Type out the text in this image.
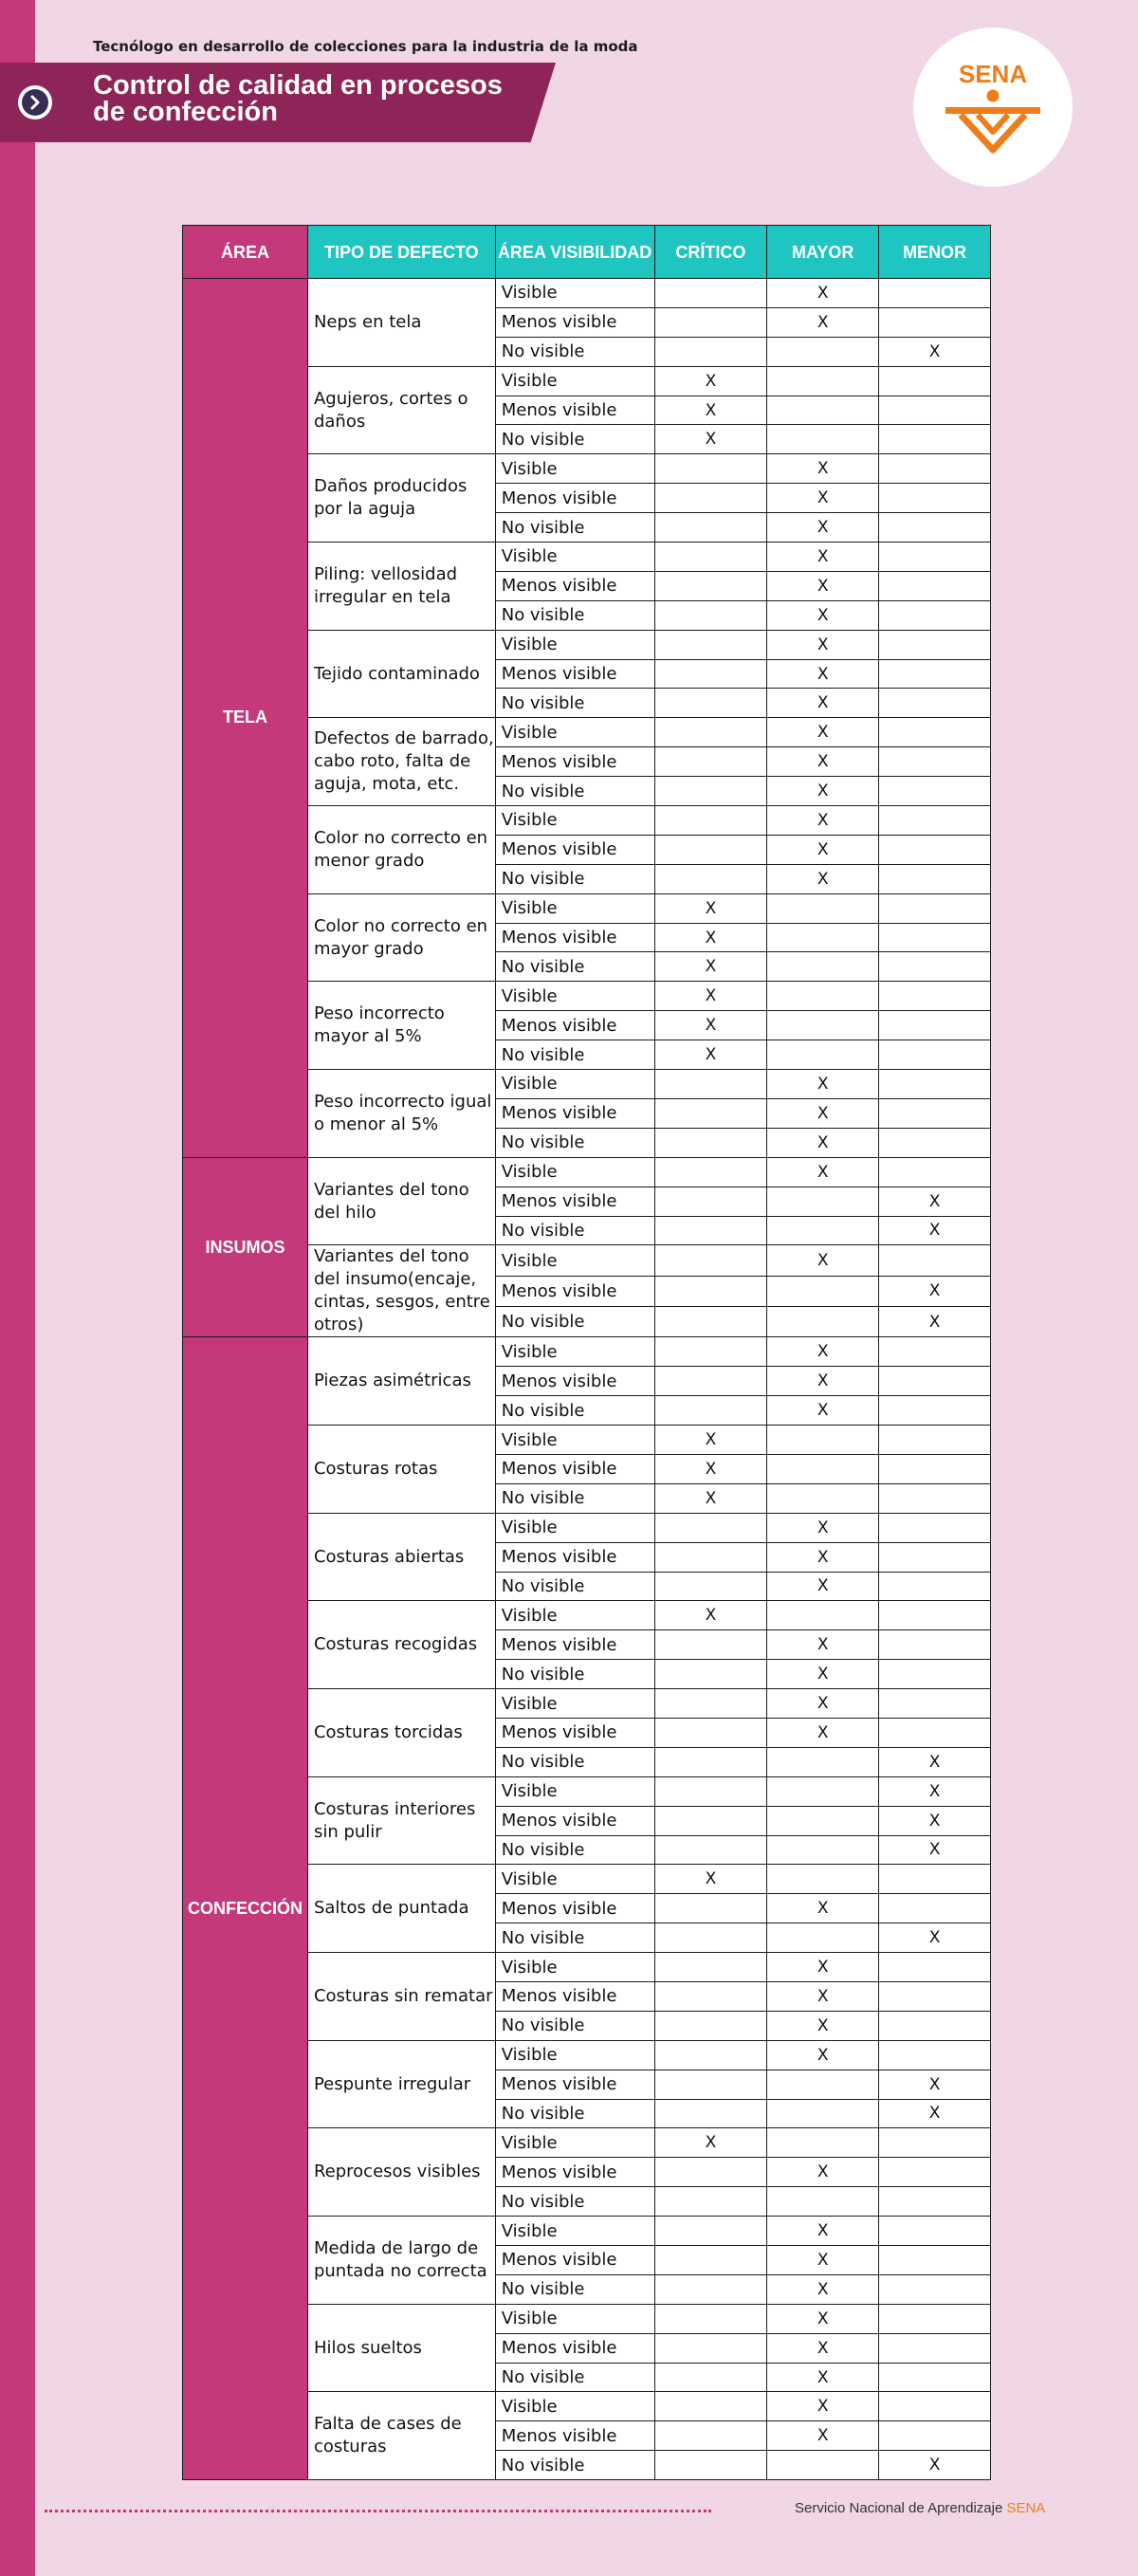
Tecnólogo en desarrollo de colecciones para la industria de la moda
Control de calidad en procesos de confección
SENA
ÁREA	TIPO DE DEFECTO	ÁREA VISIBILIDAD	CRÍTICO	MAYOR	MENOR
TELA	Neps en tela	Visible		X	
		Menos visible		X	
		No visible			X
	Agujeros, cortes o daños	Visible	X		
		Menos visible	X		
		No visible	X		
	Daños producidos por la aguja	Visible		X	
		Menos visible		X	
		No visible		X	
	Piling: vellosidad irregular en tela	Visible		X	
		Menos visible		X	
		No visible		X	
	Tejido contaminado	Visible		X	
		Menos visible		X	
		No visible		X	
	Defectos de barrado, cabo roto, falta de aguja, mota, etc.	Visible		X	
		Menos visible		X	
		No visible		X	
	Color no correcto en menor grado	Visible		X	
		Menos visible		X	
		No visible		X	
	Color no correcto en mayor grado	Visible	X		
		Menos visible	X		
		No visible	X		
	Peso incorrecto mayor al 5%	Visible	X		
		Menos visible	X		
		No visible	X		
	Peso incorrecto igual o menor al 5%	Visible		X	
		Menos visible		X	
		No visible		X	
INSUMOS	Variantes del tono del hilo	Visible		X	
		Menos visible			X
		No visible			X
	Variantes del tono del insumo(encaje, cintas, sesgos, entre otros)	Visible		X	
		Menos visible			X
		No visible			X
CONFECCIÓN	Piezas asimétricas	Visible		X	
		Menos visible		X	
		No visible		X	
	Costuras rotas	Visible	X		
		Menos visible	X		
		No visible	X		
	Costuras abiertas	Visible		X	
		Menos visible		X	
		No visible		X	
	Costuras recogidas	Visible	X		
		Menos visible		X	
		No visible		X	
	Costuras torcidas	Visible		X	
		Menos visible		X	
		No visible			X
	Costuras interiores sin pulir	Visible			X
		Menos visible			X
		No visible			X
	Saltos de puntada	Visible	X		
		Menos visible		X	
		No visible			X
	Costuras sin rematar	Visible		X	
		Menos visible		X	
		No visible		X	
	Pespunte irregular	Visible		X	
		Menos visible			X
		No visible			X
	Reprocesos visibles	Visible	X		
		Menos visible		X	
		No visible			
	Medida de largo de puntada no correcta	Visible		X	
		Menos visible		X	
		No visible		X	
	Hilos sueltos	Visible		X	
		Menos visible		X	
		No visible		X	
	Falta de cases de costuras	Visible		X	
		Menos visible		X	
		No visible			X
Servicio Nacional de Aprendizaje SENA
